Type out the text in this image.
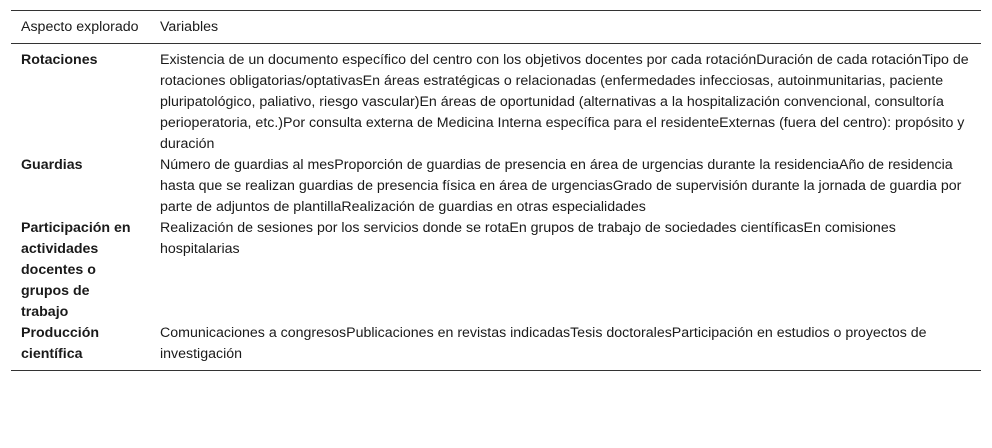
Aspecto explorado	Variables
Rotaciones	Existencia de un documento específico del centro con los objetivos docentes por cada rotaciónDuración de cada rotaciónTipo de rotaciones obligatorias/optativasEn áreas estratégicas o relacionadas (enfermedades infecciosas, autoinmunitarias, paciente pluripatológico, paliativo, riesgo vascular)En áreas de oportunidad (alternativas a la hospitalización convencional, consultoría perioperatoria, etc.)Por consulta externa de Medicina Interna específica para el residenteExternas (fuera del centro): propósito y duración
Guardias	Número de guardias al mesProporción de guardias de presencia en área de urgencias durante la residenciaAño de residencia hasta que se realizan guardias de presencia física en área de urgenciasGrado de supervisión durante la jornada de guardia por parte de adjuntos de plantillaRealización de guardias en otras especialidades
Participación en actividades docentes o grupos de trabajo	Realización de sesiones por los servicios donde se rotaEn grupos de trabajo de sociedades científicasEn comisiones hospitalarias
Producción científica	Comunicaciones a congresosPublicaciones en revistas indicadasTesis doctoralesParticipación en estudios o proyectos de investigación
